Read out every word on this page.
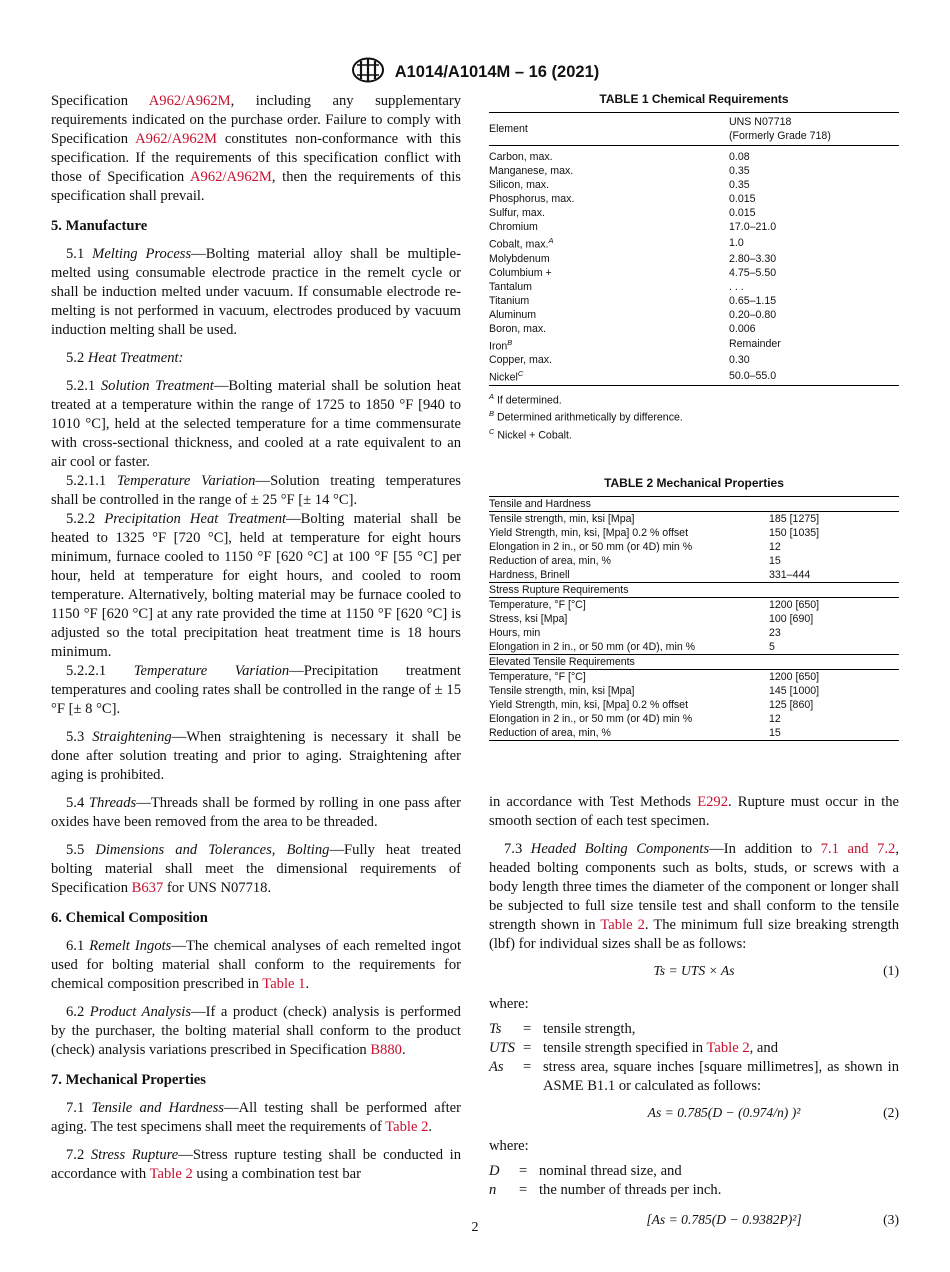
A1014/A1014M – 16 (2021)

Specification A962/A962M, including any supplementary requirements indicated on the purchase order. Failure to comply with Specification A962/A962M constitutes non-conformance with this specification. If the requirements of this specification conflict with those of Specification A962/A962M, then the requirements of this specification shall prevail.

5. Manufacture

5.1 Melting Process—Bolting material alloy shall be multiple-melted using consumable electrode practice in the remelt cycle or shall be induction melted under vacuum. If consumable electrode re-melting is not performed in vacuum, electrodes produced by vacuum induction melting shall be used.

5.2 Heat Treatment:

5.2.1 Solution Treatment—Bolting material shall be solution heat treated at a temperature within the range of 1725 to 1850 °F [940 to 1010 °C], held at the selected temperature for a time commensurate with cross-sectional thickness, and cooled at a rate equivalent to an air cool or faster.

5.2.1.1 Temperature Variation—Solution treating temperatures shall be controlled in the range of ± 25 °F [± 14 °C].

5.2.2 Precipitation Heat Treatment—Bolting material shall be heated to 1325 °F [720 °C], held at temperature for eight hours minimum, furnace cooled to 1150 °F [620 °C] at 100 °F [55 °C] per hour, held at temperature for eight hours, and cooled to room temperature. Alternatively, bolting material may be furnace cooled to 1150 °F [620 °C] at any rate provided the time at 1150 °F [620 °C] is adjusted so the total precipitation heat treatment time is 18 hours minimum.

5.2.2.1 Temperature Variation—Precipitation treatment temperatures and cooling rates shall be controlled in the range of ± 15 °F [± 8 °C].

5.3 Straightening—When straightening is necessary it shall be done after solution treating and prior to aging. Straightening after aging is prohibited.

5.4 Threads—Threads shall be formed by rolling in one pass after oxides have been removed from the area to be threaded.

5.5 Dimensions and Tolerances, Bolting—Fully heat treated bolting material shall meet the dimensional requirements of Specification B637 for UNS N07718.

6. Chemical Composition

6.1 Remelt Ingots—The chemical analyses of each remelted ingot used for bolting material shall conform to the requirements for chemical composition prescribed in Table 1.

6.2 Product Analysis—If a product (check) analysis is performed by the purchaser, the bolting material shall conform to the product (check) analysis variations prescribed in Specification B880.

7. Mechanical Properties

7.1 Tensile and Hardness—All testing shall be performed after aging. The test specimens shall meet the requirements of Table 2.

7.2 Stress Rupture—Stress rupture testing shall be conducted in accordance with Table 2 using a combination test bar

TABLE 1 Chemical Requirements
Element	UNS N07718
(Formerly Grade 718)
Carbon, max.	0.08
Manganese, max.	0.35
Silicon, max.	0.35
Phosphorus, max.	0.015
Sulfur, max.	0.015
Chromium	17.0–21.0
Cobalt, max.$^A$	1.0
Molybdenum	2.80–3.30
Columbium +	4.75–5.50
Tantalum	. . .
Titanium	0.65–1.15
Aluminum	0.20–0.80
Boron, max.	0.006
Iron$^B$	Remainder
Copper, max.	0.30
Nickel$^C$	50.0–55.0
$^A$ If determined.
$^B$ Determined arithmetically by difference.
$^C$ Nickel + Cobalt.
TABLE 2 Mechanical Properties
Tensile and Hardness	
Tensile strength, min, ksi [Mpa]	185 [1275]
Yield Strength, min, ksi, [Mpa] 0.2 % offset	150 [1035]
Elongation in 2 in., or 50 mm (or 4D) min %	12
Reduction of area, min, %	15
Hardness, Brinell	331–444
Stress Rupture Requirements	
Temperature, °F [°C]	1200 [650]
Stress, ksi [Mpa]	100 [690]
Hours, min	23
Elongation in 2 in., or 50 mm (or 4D), min %	5
Elevated Tensile Requirements	
Temperature, °F [°C]	1200 [650]
Tensile strength, min, ksi [Mpa]	145 [1000]
Yield Strength, min, ksi, [Mpa] 0.2 % offset	125 [860]
Elongation in 2 in., or 50 mm (or 4D) min %	12
Reduction of area, min, %	15

in accordance with Test Methods E292. Rupture must occur in the smooth section of each test specimen.

7.3 Headed Bolting Components—In addition to 7.1 and 7.2, headed bolting components such as bolts, studs, or screws with a body length three times the diameter of the component or longer shall be subjected to full size tensile test and shall conform to the tensile strength shown in Table 2. The minimum full size breaking strength (lbf) for individual sizes shall be as follows:

Ts = UTS × As	(1)

where:

Ts	= tensile strength,
UTS = tensile strength specified in Table 2, and
As	= stress area, square inches [square millimetres], as shown in ASME B1.1 or calculated as follows:
As = 0.785(D − (0.974/n) )²	(2)

where:

D	= nominal thread size, and
n	= the number of threads per inch.
[As = 0.785(D − 0.9382P)²]	(3)
2
